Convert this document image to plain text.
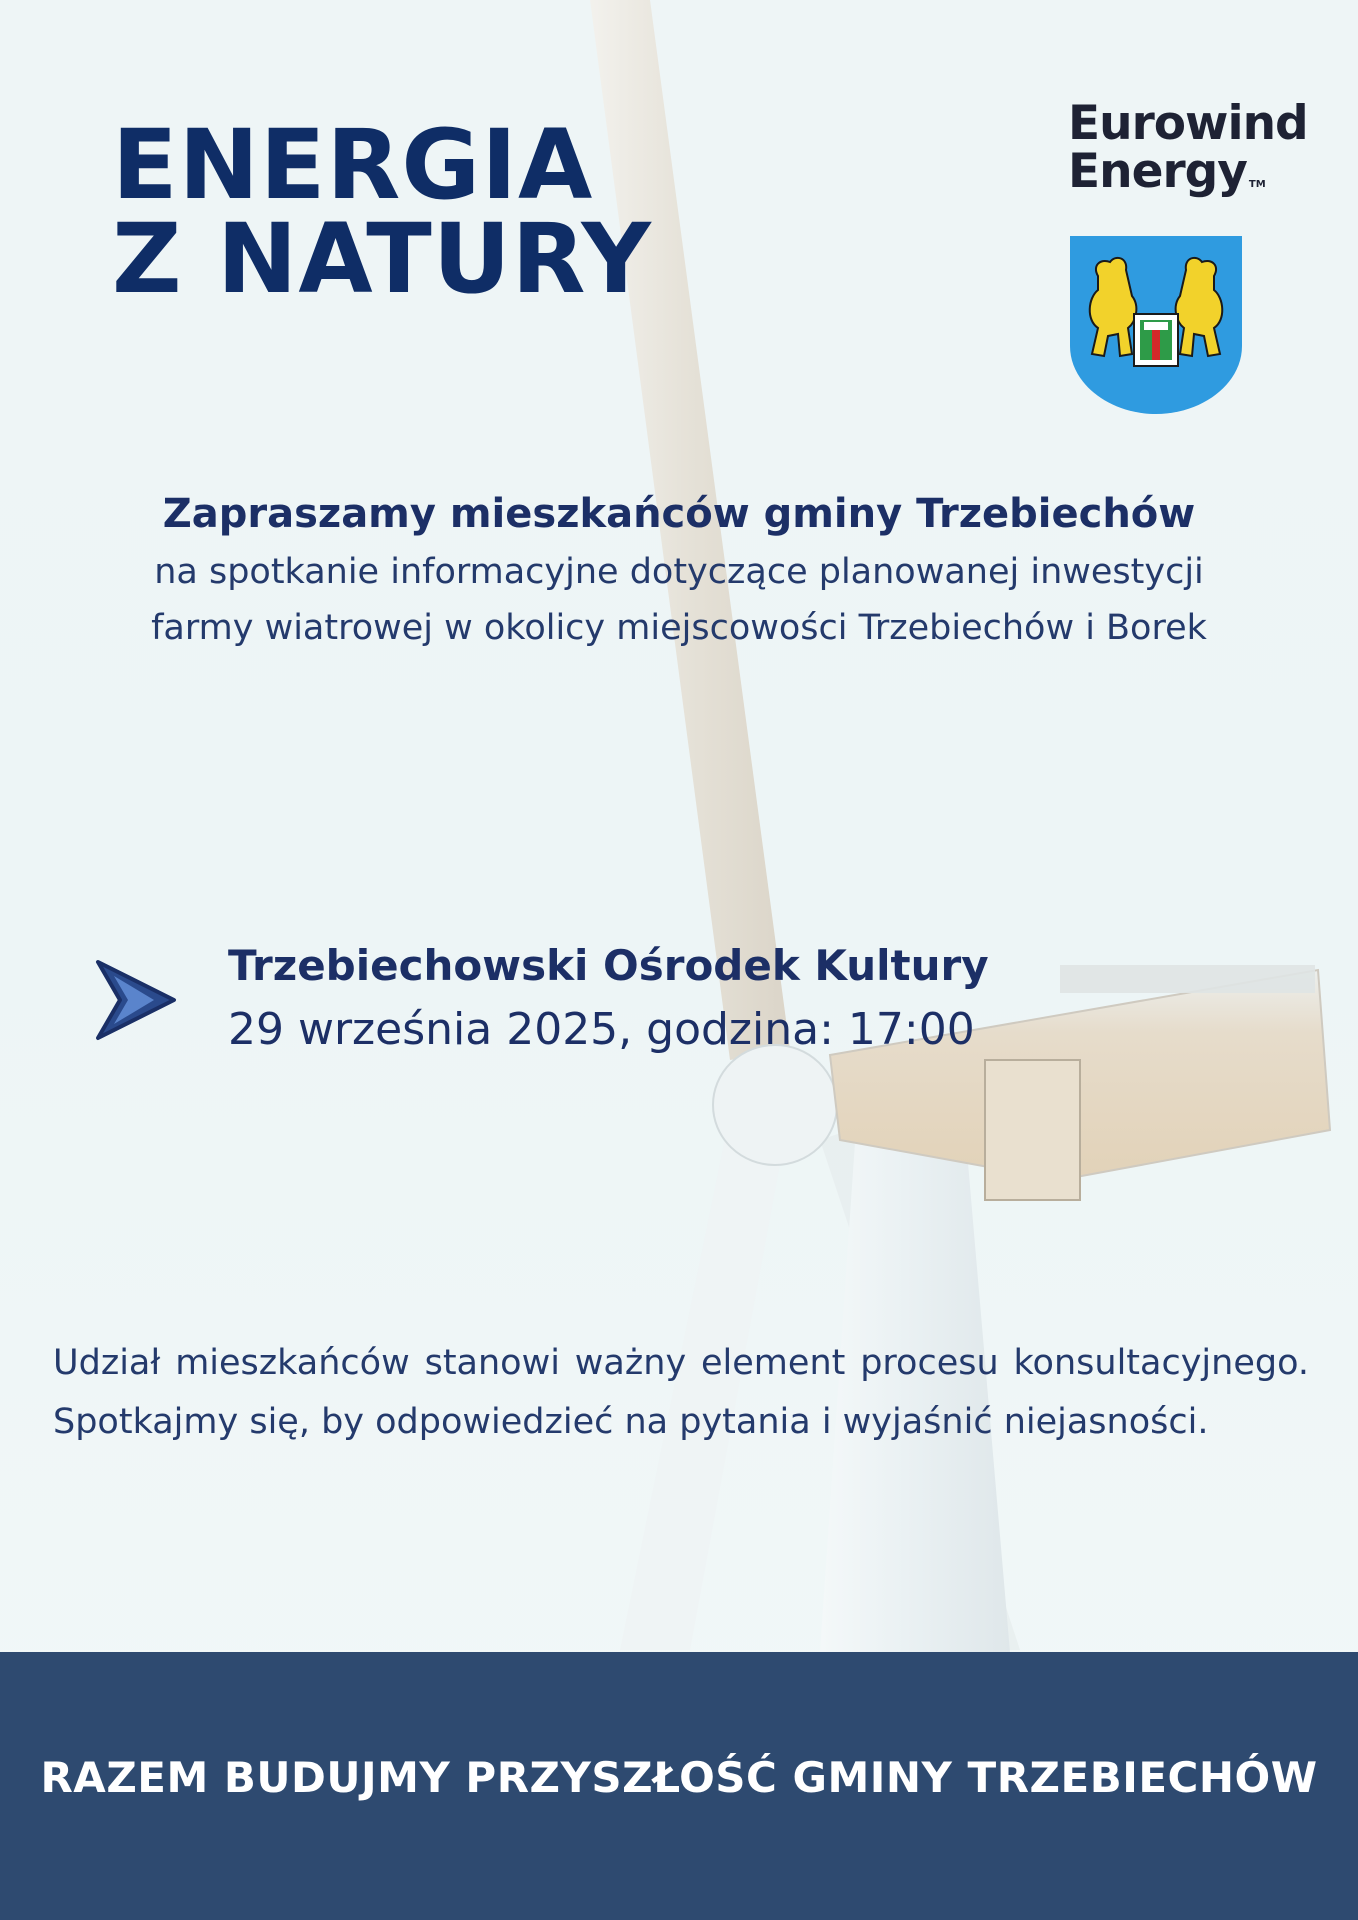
ENERGIA
Z NATURY
Eurowind
Energy TM

Zapraszamy mieszkańców gminy Trzebiechów

na spotkanie informacyjne dotyczące planowanej inwestycji

farmy wiatrowej w okolicy miejscowości Trzebiechów i Borek

Trzebiechowski Ośrodek Kultury

29 września 2025, godzina: 17:00

Udział mieszkańców stanowi ważny element procesu konsultacyjnego. Spotkajmy się, by odpowiedzieć na pytania i wyjaśnić niejasności.

RAZEM BUDUJMY PRZYSZŁOŚĆ GMINY TRZEBIECHÓW
